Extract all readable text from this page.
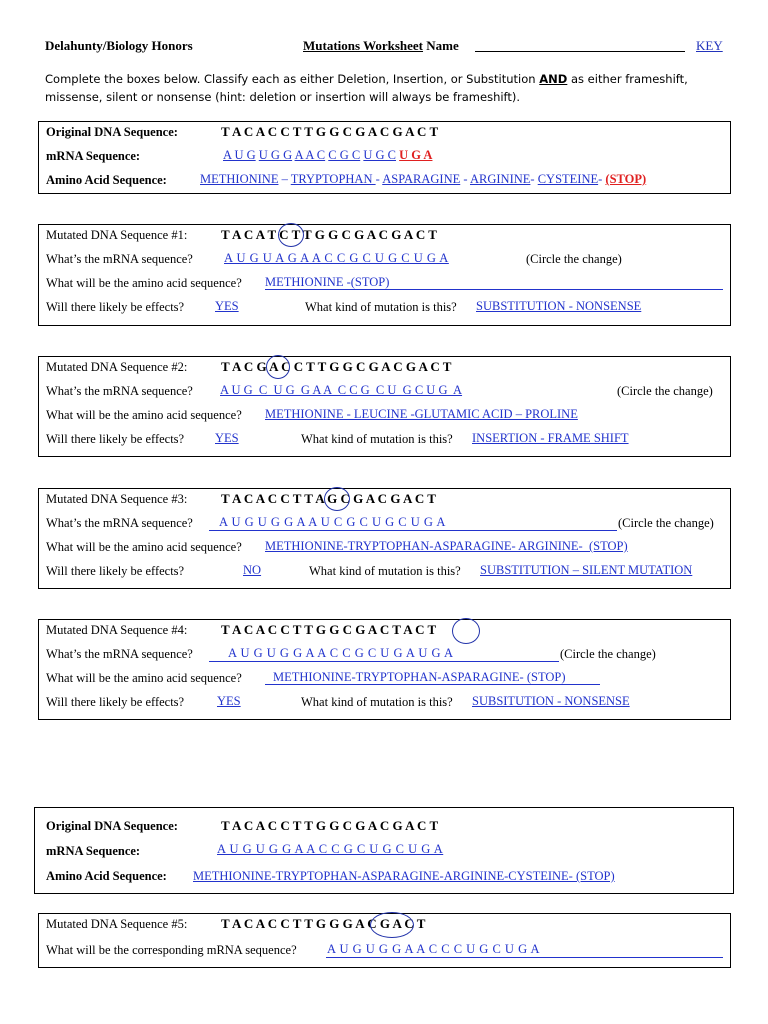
Delahunty/Biology Honors	Mutations Worksheet Name	KEY
Complete the boxes below. Classify each as either Deletion, Insertion, or Substitution AND as either frameshift, missense, silent or nonsense (hint: deletion or insertion will always be frameshift).
Original DNA Sequence:	T A C A C C T T G G C G A C G A C T
mRNA Sequence:	A U G U G G A A C C G C U G C U G A
Amino Acid Sequence:	METHIONINE – TRYPTOPHAN - ASPARAGINE - ARGININE- CYSTEINE- (STOP)
Mutated DNA Sequence #1:	T A C A T C T T G G C G A C G A C T
What’s the mRNA sequence? A U G U A G A A C C G C U G C U G A	(Circle the change)
What will be the amino acid sequence? METHIONINE -(STOP)
Will there likely be effects?	YES	What kind of mutation is this? SUBSTITUTION - NONSENSE
Mutated DNA Sequence #2:	T A C G A C C T T G G C G A C G A C T
What’s the mRNA sequence? A U G  C  U G  G A A  C C G  C U  G C U G  A	(Circle the change)
What will be the amino acid sequence? METHIONINE - LEUCINE -GLUTAMIC ACID – PROLINE
Will there likely be effects?	YES	What kind of mutation is this? INSERTION - FRAME SHIFT
Mutated DNA Sequence #3:	T A C A C C T T A G C G A C G A C T
What’s the mRNA sequence? A U G U G G A A U C G C U G C U G A	(Circle the change)
What will be the amino acid sequence? METHIONINE-TRYPTOPHAN-ASPARAGINE- ARGININE-  (STOP)
Will there likely be effects?	NO	What kind of mutation is this? SUBSTITUTION – SILENT MUTATION
Mutated DNA Sequence #4:	T A C A C C T T G G C G A C T A C T
What’s the mRNA sequence?	A U G U G G A A C C G C U G A U G A	(Circle the change)
What will be the amino acid sequence? METHIONINE-TRYPTOPHAN-ASPARAGINE- (STOP)
Will there likely be effects?	YES	What kind of mutation is this? SUBSITUTION - NONSENSE
Original DNA Sequence:	T A C A C C T T G G C G A C G A C T
mRNA Sequence:	A U G U G G A A C C G C U G C U G A
Amino Acid Sequence: METHIONINE-TRYPTOPHAN-ASPARAGINE-ARGININE-CYSTEINE- (STOP)
Mutated DNA Sequence #5:	T A C A C C T T G G G A C G A C T
What will be the corresponding mRNA sequence? A U G U G G A A C C C U G C U G A
